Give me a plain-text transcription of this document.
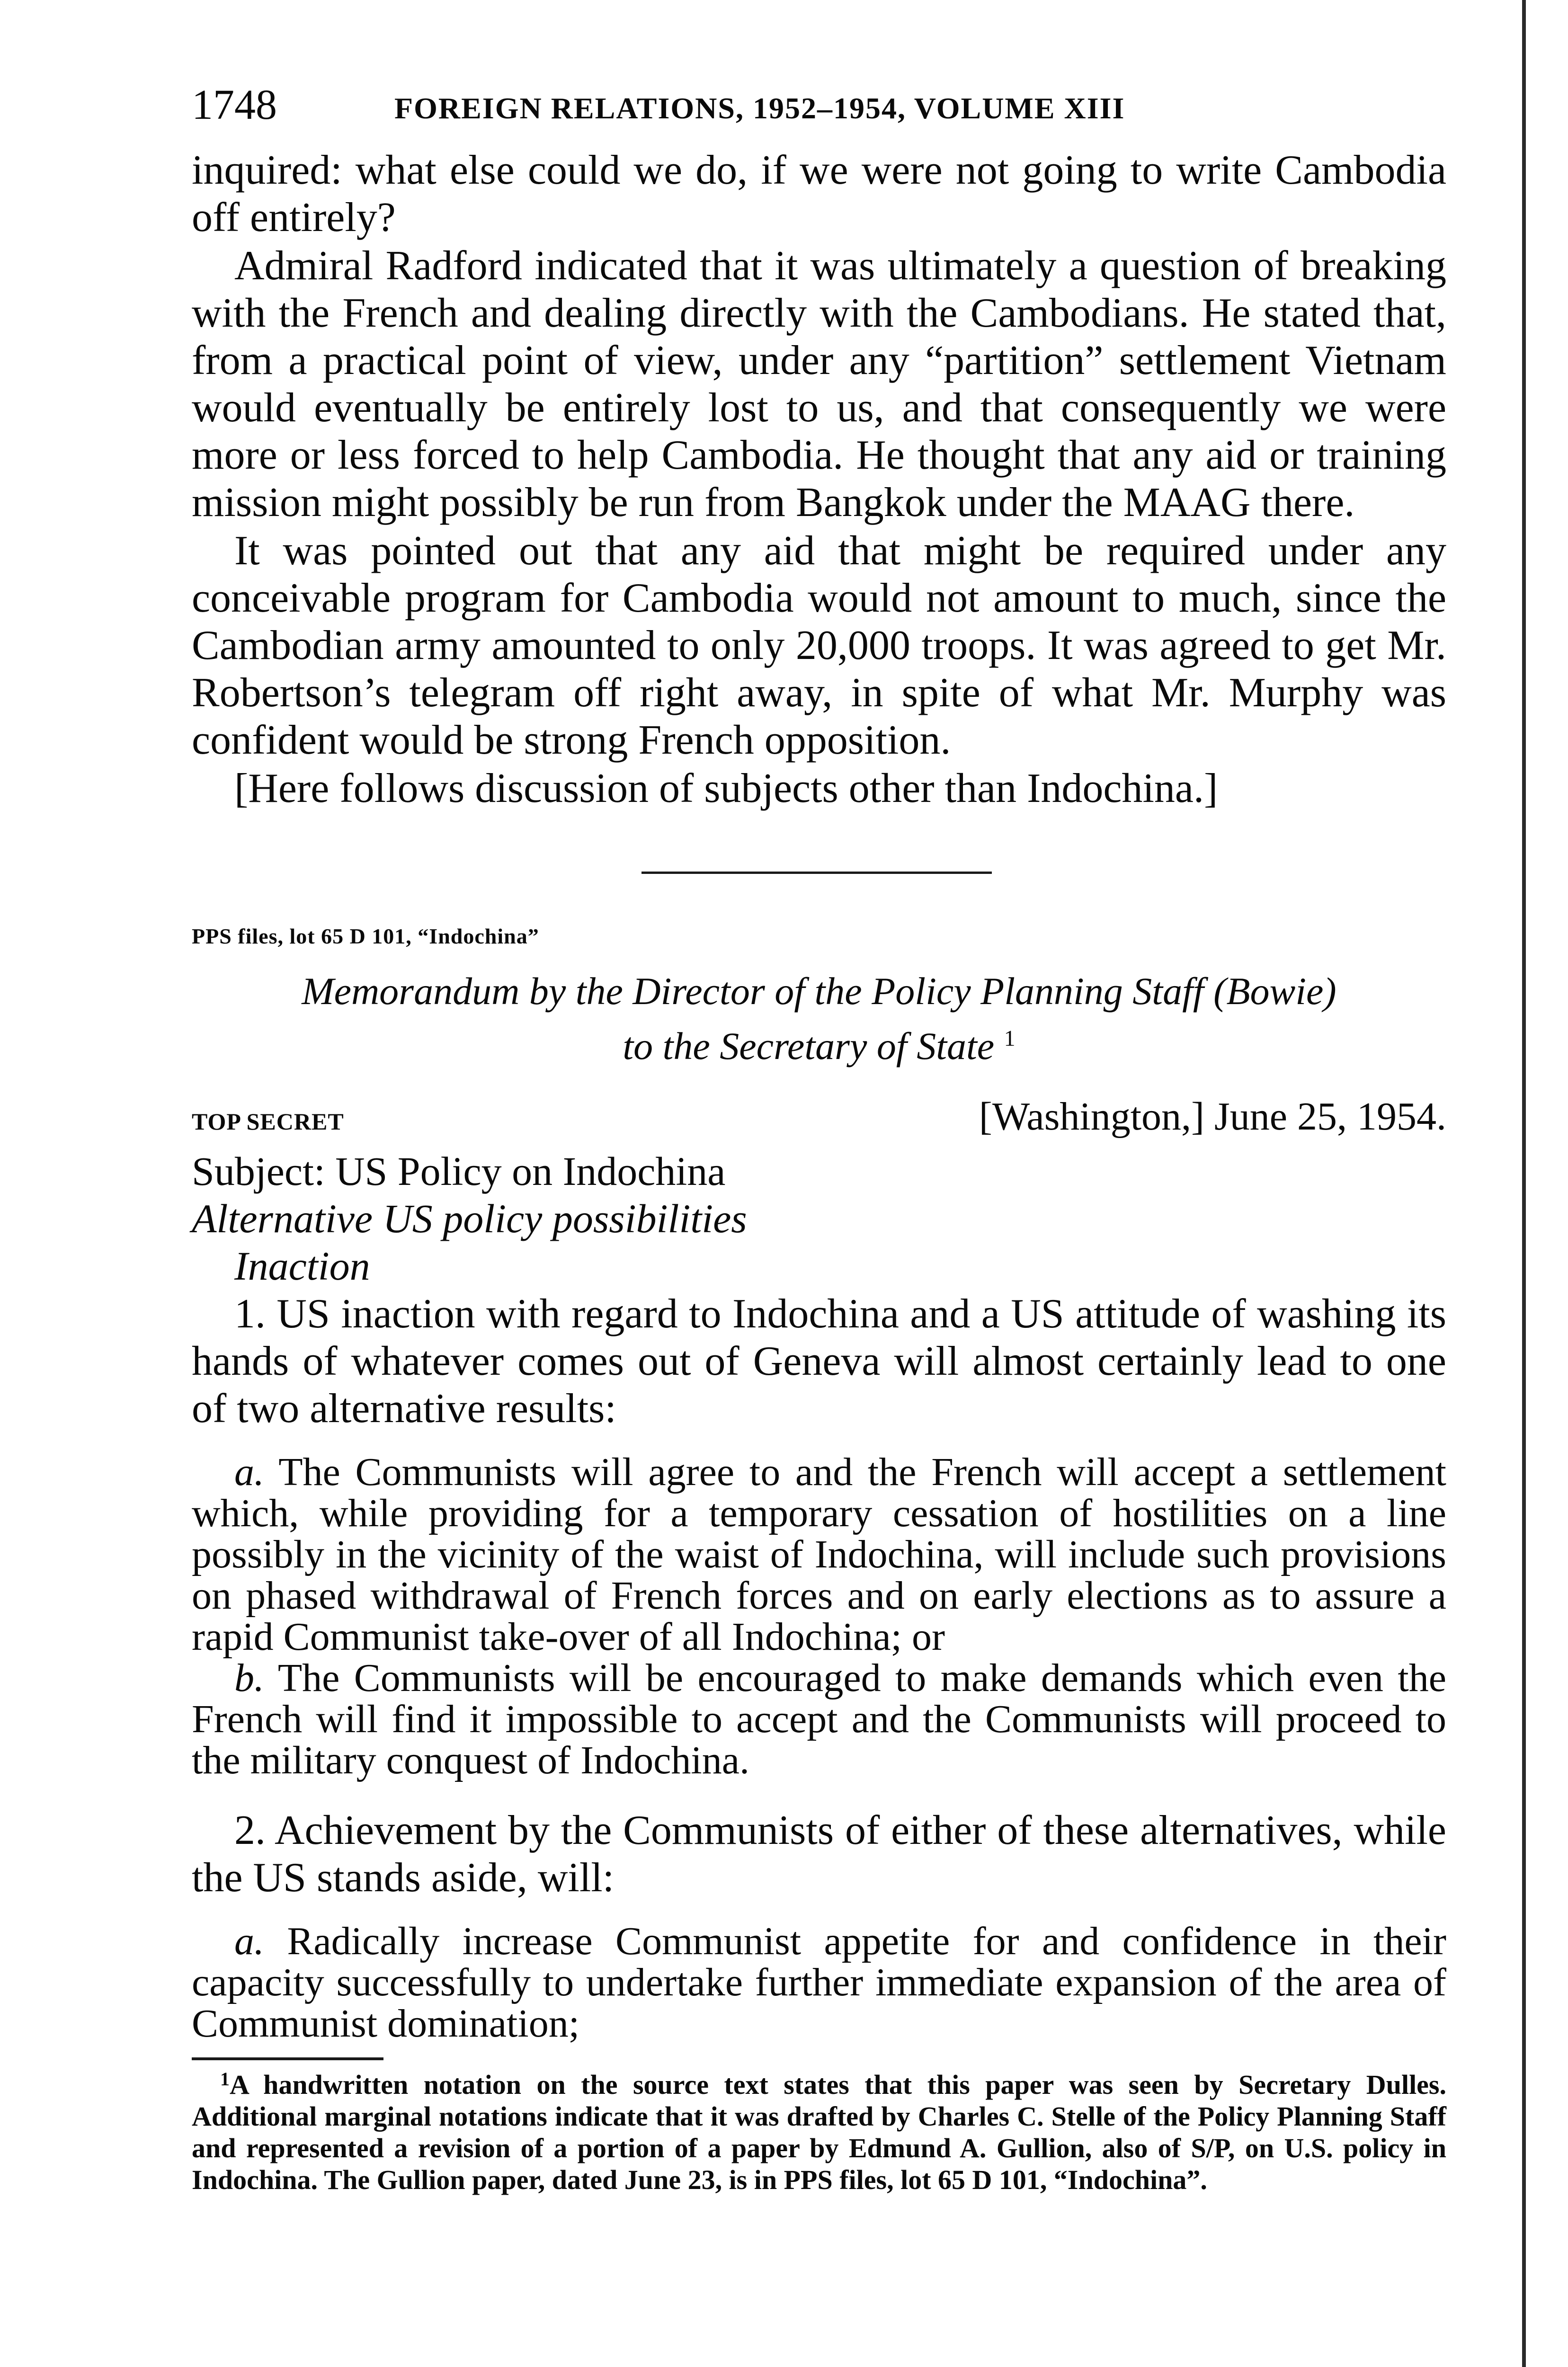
1748	FOREIGN RELATIONS, 1952–1954, VOLUME XIII

inquired: what else could we do, if we were not going to write Cambodia off entirely?

Admiral Radford indicated that it was ultimately a question of breaking with the French and dealing directly with the Cambodians. He stated that, from a practical point of view, under any “partition” settlement Vietnam would eventually be entirely lost to us, and that consequently we were more or less forced to help Cambodia. He thought that any aid or training mission might possibly be run from Bangkok under the MAAG there.

It was pointed out that any aid that might be required under any conceivable program for Cambodia would not amount to much, since the Cambodian army amounted to only 20,000 troops. It was agreed to get Mr. Robertson’s telegram off right away, in spite of what Mr. Murphy was confident would be strong French opposition.

[Here follows discussion of subjects other than Indochina.]

PPS files, lot 65 D 101, “Indochina”
Memorandum by the Director of the Policy Planning Staff (Bowie)
to the Secretary of State $^1$
TOP SECRET	[Washington,] June 25, 1954.
Subject: US Policy on Indochina
Alternative US policy possibilities
Inaction

1. US inaction with regard to Indochina and a US attitude of washing its hands of whatever comes out of Geneva will almost certainly lead to one of two alternative results:

a. The Communists will agree to and the French will accept a settlement which, while providing for a temporary cessation of hostilities on a line possibly in the vicinity of the waist of Indochina, will include such provisions on phased withdrawal of French forces and on early elections as to assure a rapid Communist take-over of all Indochina; or

b. The Communists will be encouraged to make demands which even the French will find it impossible to accept and the Communists will proceed to the military conquest of Indochina.

2. Achievement by the Communists of either of these alternatives, while the US stands aside, will:

a. Radically increase Communist appetite for and confidence in their capacity successfully to undertake further immediate expansion of the area of Communist domination;

$^1$A handwritten notation on the source text states that this paper was seen by Secretary Dulles. Additional marginal notations indicate that it was drafted by Charles C. Stelle of the Policy Planning Staff and represented a revision of a portion of a paper by Edmund A. Gullion, also of S/P, on U.S. policy in Indochina. The Gullion paper, dated June 23, is in PPS files, lot 65 D 101, “Indochina”.
